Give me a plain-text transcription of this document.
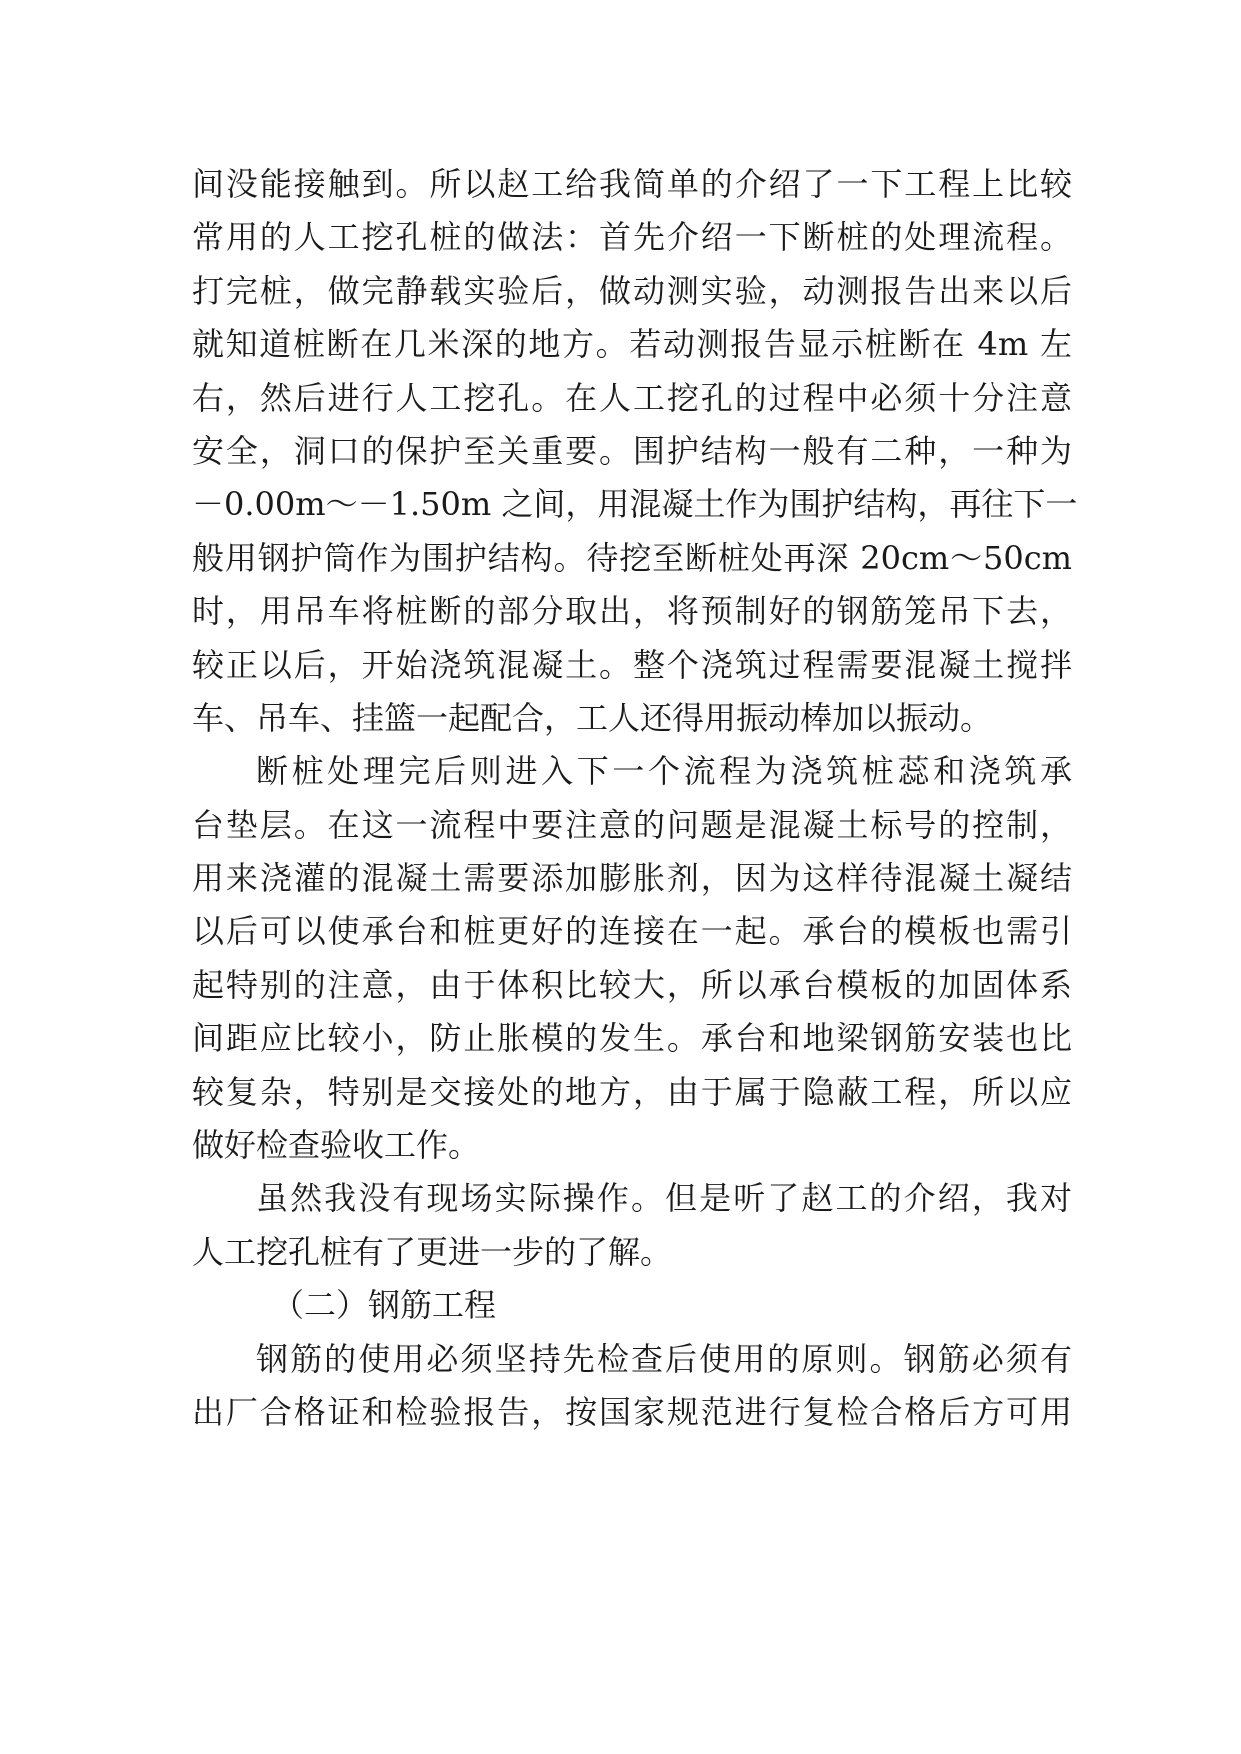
间没能接触到。所以赵工给我简单的介绍了一下工程上比较
常用的人工挖孔桩的做法：首先介绍一下断桩的处理流程。
打完桩，做完静载实验后，做动测实验，动测报告出来以后
就知道桩断在几米深的地方。若动测报告显示桩断在 4m 左
右，然后进行人工挖孔。在人工挖孔的过程中必须十分注意
安全，洞口的保护至关重要。围护结构一般有二种，一种为
－0.00m～－1.50m 之间，用混凝土作为围护结构，再往下一
般用钢护筒作为围护结构。待挖至断桩处再深 20cm～50cm
时，用吊车将桩断的部分取出，将预制好的钢筋笼吊下去，
较正以后，开始浇筑混凝土。整个浇筑过程需要混凝土搅拌
车、吊车、挂篮一起配合，工人还得用振动棒加以振动。
断桩处理完后则进入下一个流程为浇筑桩蕊和浇筑承
台垫层。在这一流程中要注意的问题是混凝土标号的控制，
用来浇灌的混凝土需要添加膨胀剂，因为这样待混凝土凝结
以后可以使承台和桩更好的连接在一起。承台的模板也需引
起特别的注意，由于体积比较大，所以承台模板的加固体系
间距应比较小，防止胀模的发生。承台和地梁钢筋安装也比
较复杂，特别是交接处的地方，由于属于隐蔽工程，所以应
做好检查验收工作。
虽然我没有现场实际操作。但是听了赵工的介绍，我对
人工挖孔桩有了更进一步的了解。
（二）钢筋工程
钢筋的使用必须坚持先检查后使用的原则。钢筋必须有
出厂合格证和检验报告，按国家规范进行复检合格后方可用
